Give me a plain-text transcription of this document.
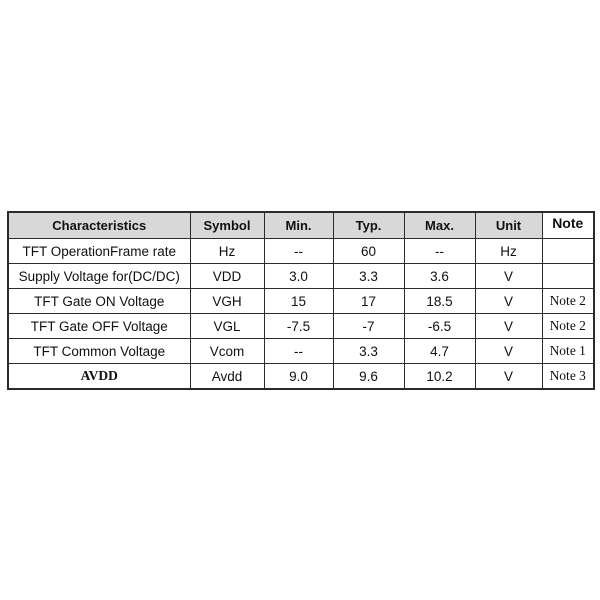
Characteristics	Symbol	Min.	Typ.	Max.	Unit	Note
TFT OperationFrame rate	Hz	--	60	--	Hz	
Supply Voltage for(DC/DC)	VDD	3.0	3.3	3.6	V	
TFT Gate ON Voltage	VGH	15	17	18.5	V	Note 2
TFT Gate OFF Voltage	VGL	-7.5	-7	-6.5	V	Note 2
TFT Common Voltage	Vcom	--	3.3	4.7	V	Note 1
AVDD	Avdd	9.0	9.6	10.2	V	Note 3
